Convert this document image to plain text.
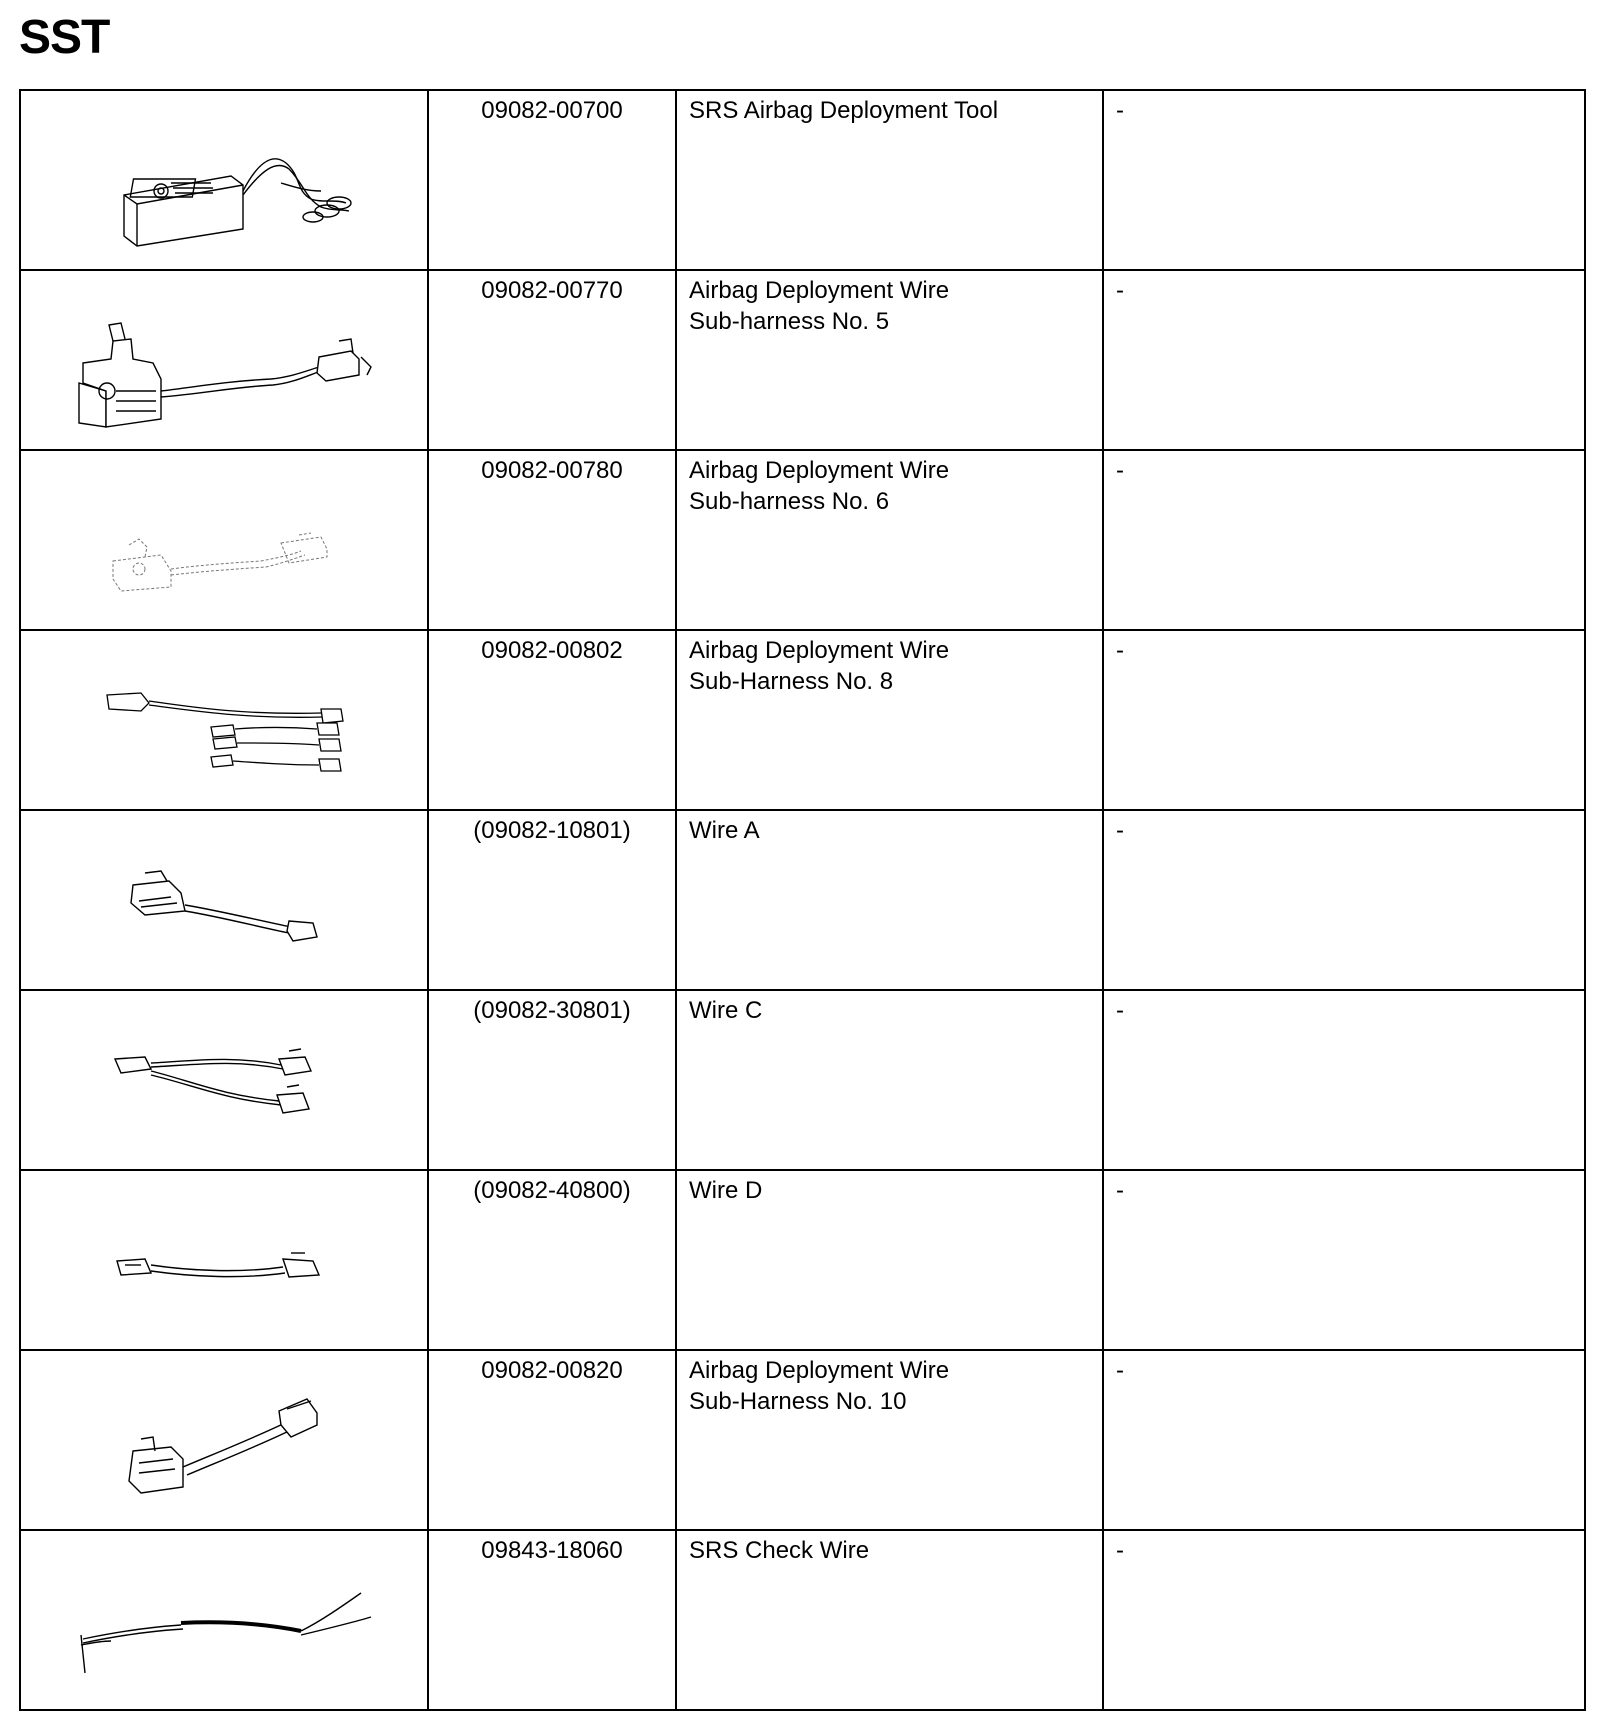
SST
	09082-00700	SRS Airbag Deployment Tool	-

	09082-00770	Airbag Deployment Wire
Sub-harness No. 5	-

	09082-00780	Airbag Deployment Wire
Sub-harness No. 6	-

	09082-00802	Airbag Deployment Wire
Sub-Harness No. 8	-

	(09082-10801)	Wire A	-

	(09082-30801)	Wire C	-

	(09082-40800)	Wire D	-

	09082-00820	Airbag Deployment Wire
Sub-Harness No. 10	-

	09843-18060	SRS Check Wire	-
